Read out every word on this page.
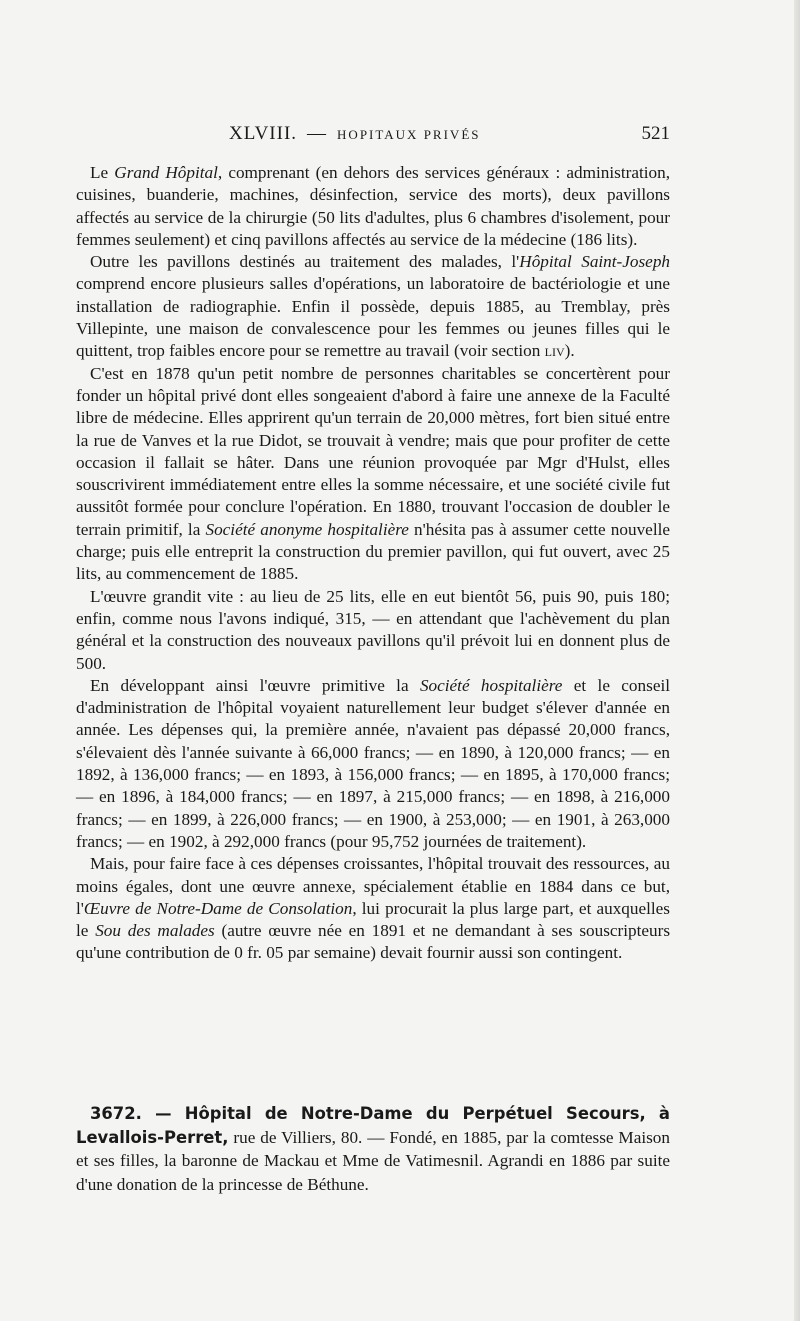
XLVIII. — HOPITAUX PRIVÉS	521

Le Grand Hôpital, comprenant (en dehors des services généraux : administration, cuisines, buanderie, machines, désinfection, service des morts), deux pavillons affectés au service de la chirurgie (50 lits d'adultes, plus 6 chambres d'isolement, pour femmes seulement) et cinq pavillons affectés au service de la médecine (186 lits).

Outre les pavillons destinés au traitement des malades, l'Hôpital Saint-Joseph comprend encore plusieurs salles d'opérations, un laboratoire de bactériologie et une installation de radiographie. Enfin il possède, depuis 1885, au Tremblay, près Villepinte, une maison de convalescence pour les femmes ou jeunes filles qui le quittent, trop faibles encore pour se remettre au travail (voir section liv).

C'est en 1878 qu'un petit nombre de personnes charitables se concertèrent pour fonder un hôpital privé dont elles songeaient d'abord à faire une annexe de la Faculté libre de médecine. Elles apprirent qu'un terrain de 20,000 mètres, fort bien situé entre la rue de Vanves et la rue Didot, se trouvait à vendre; mais que pour profiter de cette occasion il fallait se hâter. Dans une réunion provoquée par Mgr d'Hulst, elles souscrivirent immédiatement entre elles la somme nécessaire, et une société civile fut aussitôt formée pour conclure l'opération. En 1880, trouvant l'occasion de doubler le terrain primitif, la Société anonyme hospitalière n'hésita pas à assumer cette nouvelle charge; puis elle entreprit la construction du premier pavillon, qui fut ouvert, avec 25 lits, au commencement de 1885.

L'œuvre grandit vite : au lieu de 25 lits, elle en eut bientôt 56, puis 90, puis 180; enfin, comme nous l'avons indiqué, 315, — en attendant que l'achèvement du plan général et la construction des nouveaux pavillons qu'il prévoit lui en donnent plus de 500.

En développant ainsi l'œuvre primitive la Société hospitalière et le conseil d'administration de l'hôpital voyaient naturellement leur budget s'élever d'année en année. Les dépenses qui, la première année, n'avaient pas dépassé 20,000 francs, s'élevaient dès l'année suivante à 66,000 francs; — en 1890, à 120,000 francs; — en 1892, à 136,000 francs; — en 1893, à 156,000 francs; — en 1895, à 170,000 francs; — en 1896, à 184,000 francs; — en 1897, à 215,000 francs; — en 1898, à 216,000 francs; — en 1899, à 226,000 francs; — en 1900, à 253,000; — en 1901, à 263,000 francs; — en 1902, à 292,000 francs (pour 95,752 journées de traitement).

Mais, pour faire face à ces dépenses croissantes, l'hôpital trouvait des ressources, au moins égales, dont une œuvre annexe, spécialement établie en 1884 dans ce but, l'Œuvre de Notre-Dame de Consolation, lui procurait la plus large part, et auxquelles le Sou des malades (autre œuvre née en 1891 et ne demandant à ses souscripteurs qu'une contribution de 0 fr. 05 par semaine) devait fournir aussi son contingent.

3672. — Hôpital de Notre-Dame du Perpétuel Secours, à Levallois-Perret, rue de Villiers, 80. — Fondé, en 1885, par la comtesse Maison et ses filles, la baronne de Mackau et Mme de Vatimesnil. Agrandi en 1886 par suite d'une donation de la princesse de Béthune.
